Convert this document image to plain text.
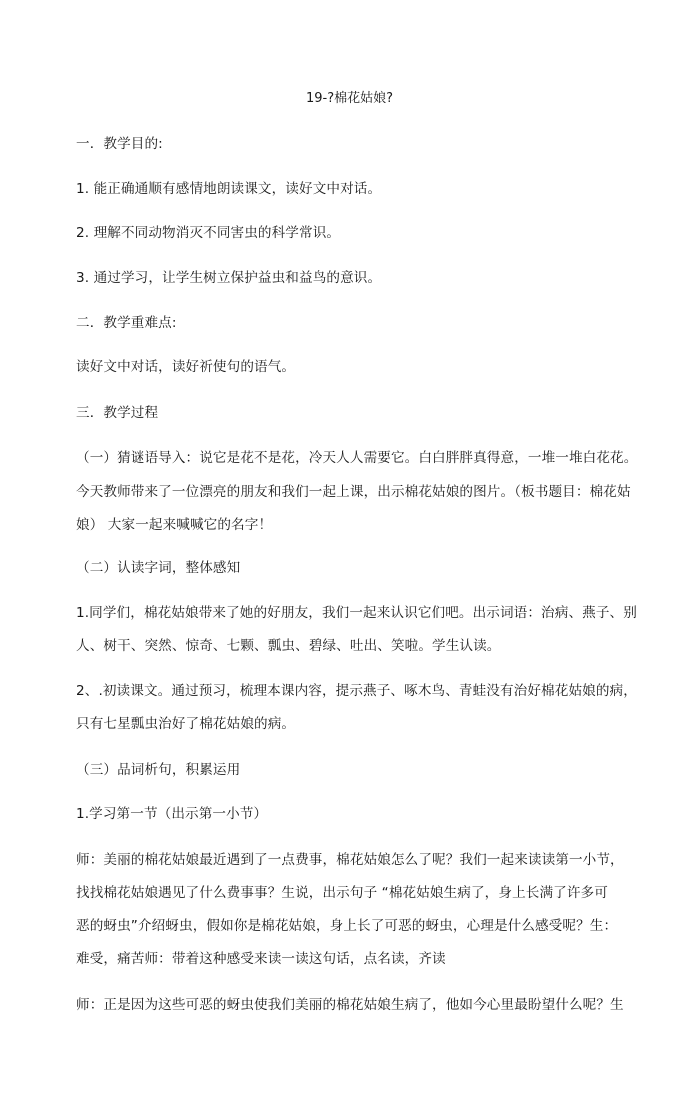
19-?棉花姑娘?
一．教学目的:
1. 能正确通顺有感情地朗读课文，读好文中对话。
2. 理解不同动物消灭不同害虫的科学常识。
3. 通过学习，让学生树立保护益虫和益鸟的意识。
二．教学重难点:
读好文中对话，读好祈使句的语气。
三．教学过程
（一）猜谜语导入：说它是花不是花，冷天人人需要它。白白胖胖真得意，一堆一堆白花花。
今天教师带来了一位漂亮的朋友和我们一起上课，出示棉花姑娘的图片。（板书题目：棉花姑
娘） 大家一起来喊喊它的名字！
（二）认读字词，整体感知
1.同学们，棉花姑娘带来了她的好朋友，我们一起来认识它们吧。出示词语：治病、燕子、别
人、树干、突然、惊奇、七颗、瓢虫、碧绿、吐出、笑啦。学生认读。
2、.初读课文。通过预习，梳理本课内容，提示燕子、啄木鸟、青蛙没有治好棉花姑娘的病，
只有七星瓢虫治好了棉花姑娘的病。
（三）品词析句，积累运用
1.学习第一节（出示第一小节）
师：美丽的棉花姑娘最近遇到了一点费事，棉花姑娘怎么了呢？我们一起来读读第一小节，
找找棉花姑娘遇见了什么费事事？生说，出示句子 “棉花姑娘生病了，身上长满了许多可
恶的蚜虫”介绍蚜虫，假如你是棉花姑娘，身上长了可恶的蚜虫，心理是什么感受呢？生：
难受，痛苦师：带着这种感受来读一读这句话，点名读，齐读
师：正是因为这些可恶的蚜虫使我们美丽的棉花姑娘生病了，他如今心里最盼望什么呢？生
